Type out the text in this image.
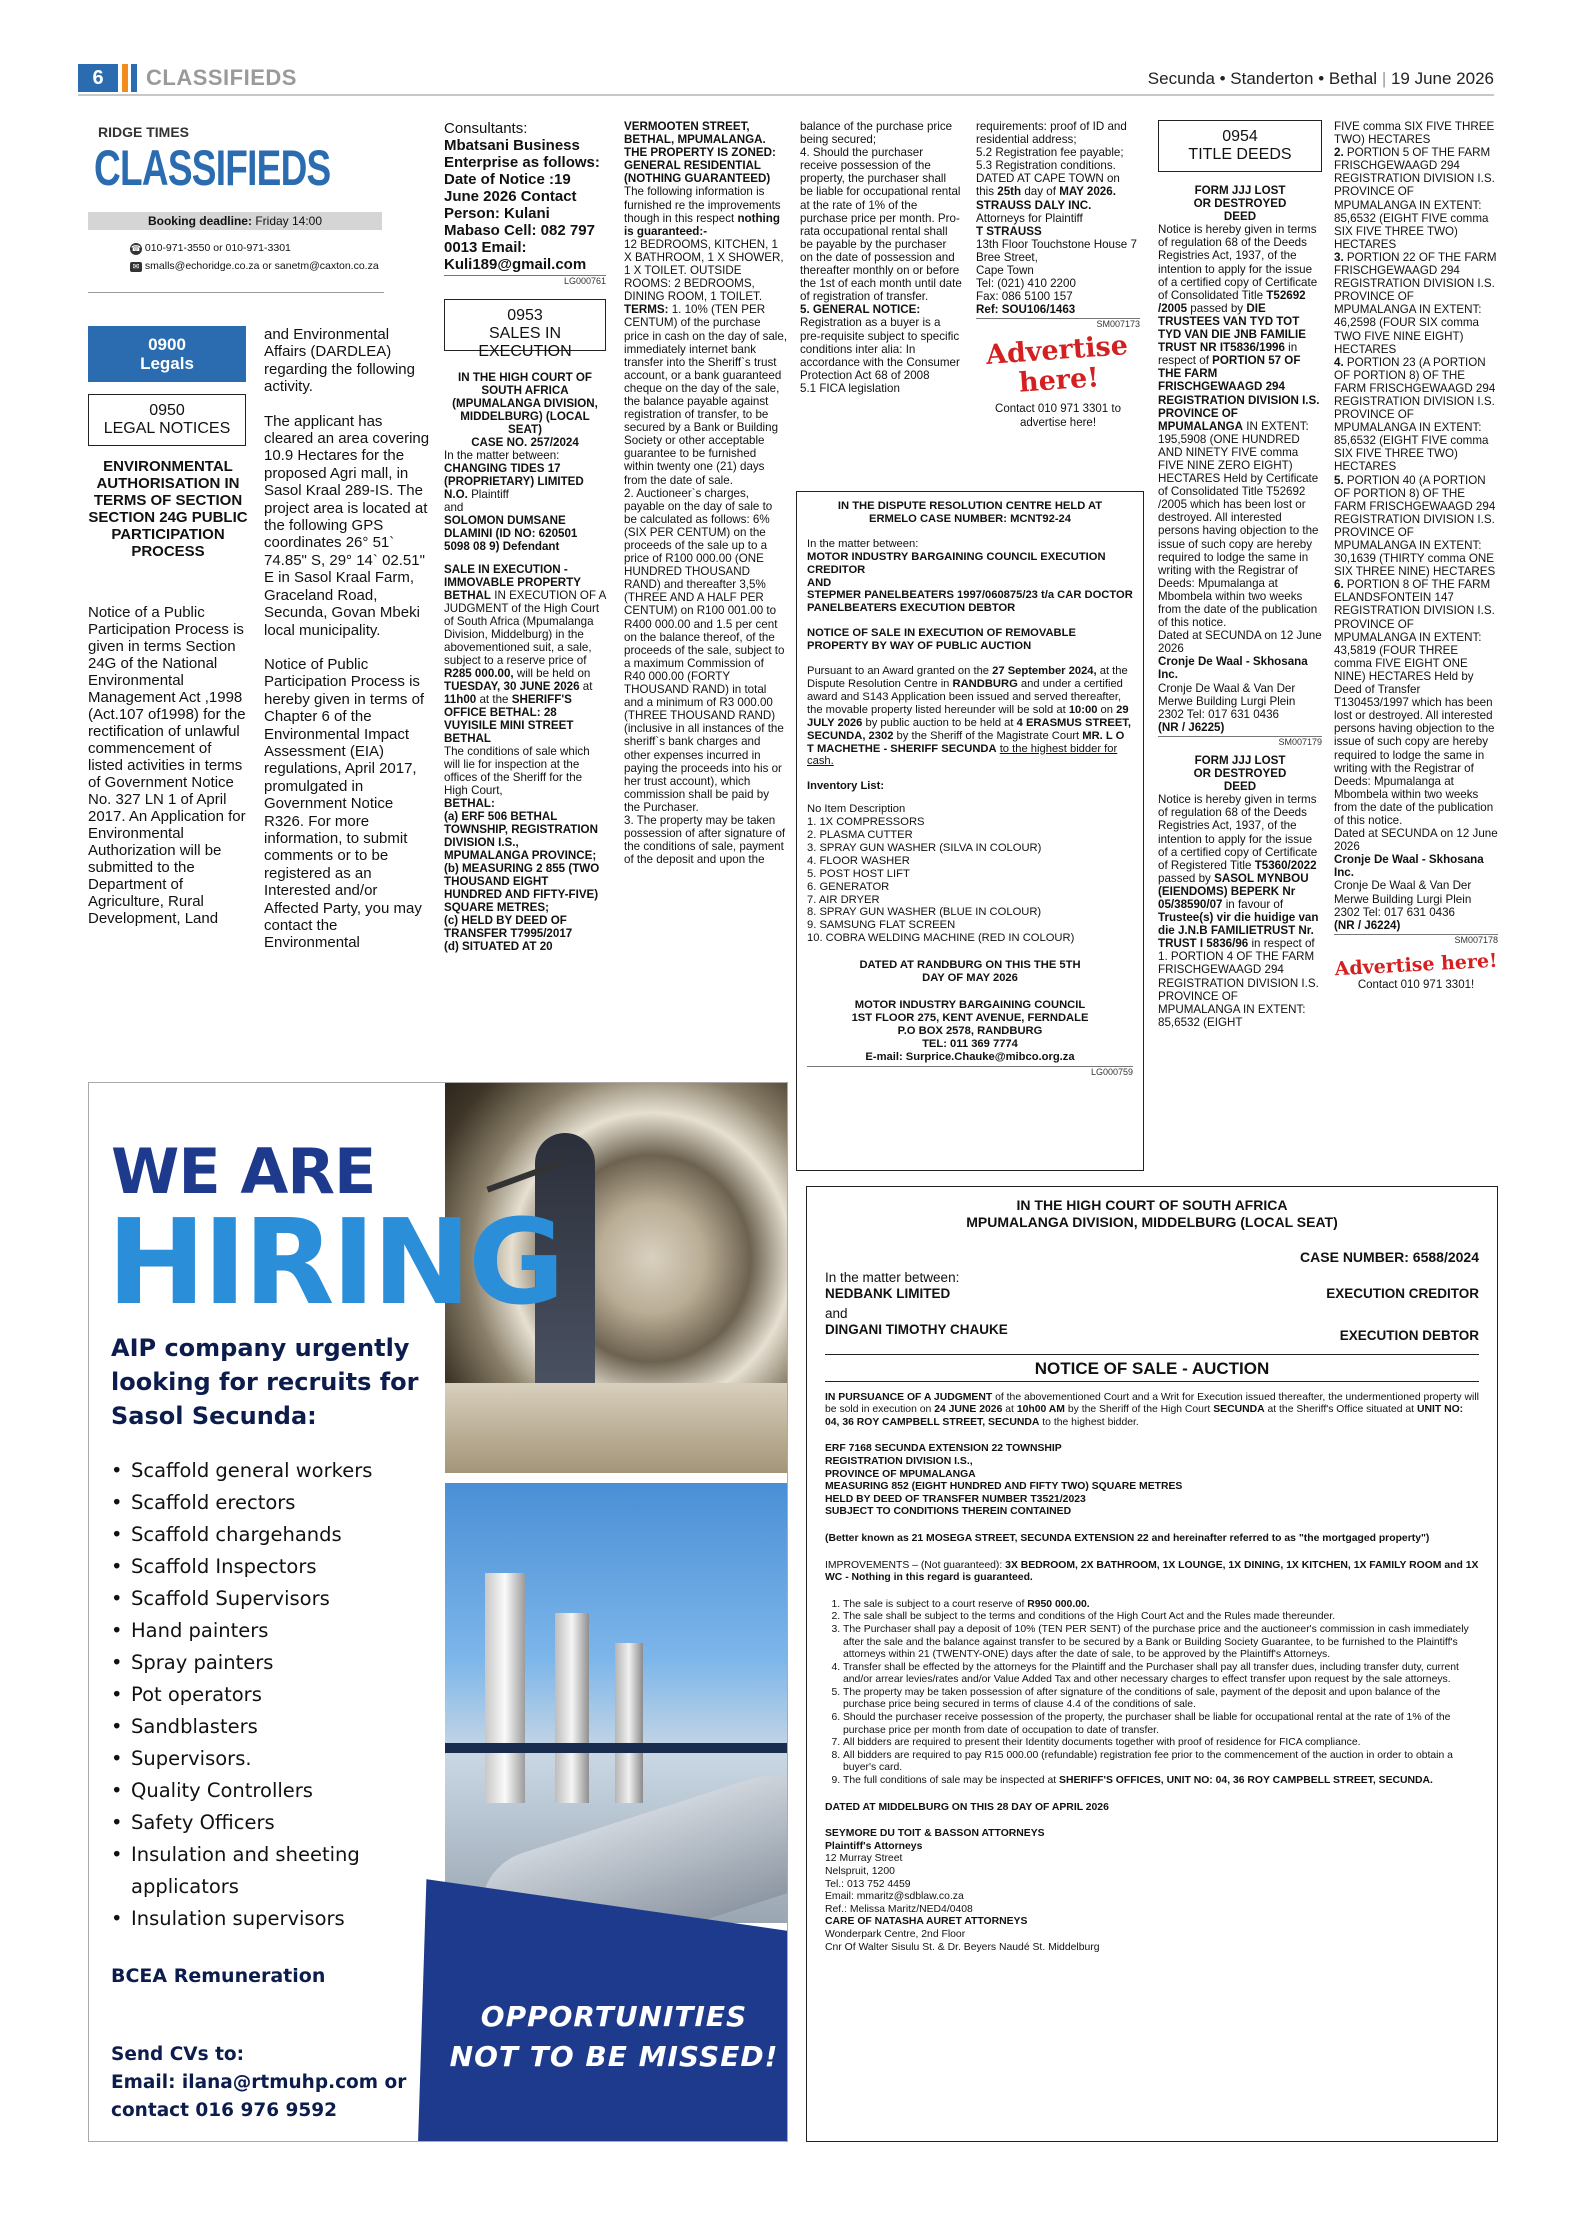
6	CLASSIFIEDS	Secunda • Standerton • Bethal | 19 June 2026
RIDGE TIMES
CLASSIFIEDS
Booking deadline: Friday 14:00
☎ 010-971-3550 or 010-971-3301
✉ smalls@echoridge.co.za or sanetm@caxton.co.za
0900
Legals
0950
LEGAL NOTICES
ENVIRONMENTAL AUTHORISATION IN TERMS OF SECTION SECTION 24G PUBLIC PARTICIPATION PROCESS
Notice of a Public Participation Process is given in terms Section 24G of the National Environmental Management Act ,1998 (Act.107 of1998) for the rectification of unlawful commencement of listed activities in terms of Government Notice No. 327 LN 1 of April 2017. An Application for Environmental Authorization will be submitted to the Department of Agriculture, Rural Development, Land

and Environmental Affairs (DARDLEA) regarding the following activity.

The applicant has cleared an area covering 10.9 Hectares for the proposed Agri mall, in Sasol Kraal 289-IS. The project area is located at the following GPS coordinates 26° 51` 74.85" S, 29° 14` 02.51" E in Sasol Kraal Farm, Graceland Road, Secunda, Govan Mbeki local municipality.

Notice of Public Participation Process is hereby given in terms of Chapter 6 of the Environmental Impact Assessment (EIA) regulations, April 2017, promulgated in Government Notice R326. For more information, to submit comments or to be registered as an Interested and/or Affected Party, you may contact the Environmental

Consultants:

Mbatsani Business Enterprise as follows: Date of Notice :19 June 2026 Contact Person: Kulani Mabaso Cell: 082 797 0013 Email: Kuli189@gmail.com

LG000761
0953
SALES IN EXECUTION

IN THE HIGH COURT OF SOUTH AFRICA (MPUMALANGA DIVISION, MIDDELBURG) (LOCAL SEAT)

CASE NO. 257/2024

In the matter between:

CHANGING TIDES 17 (PROPRIETARY) LIMITED N.O. Plaintiff

and

SOLOMON DUMSANE DLAMINI (ID NO: 620501 5098 08 9) Defendant

SALE IN EXECUTION - IMMOVABLE PROPERTY BETHAL IN EXECUTION OF A JUDGMENT of the High Court of South Africa (Mpumalanga Division, Middelburg) in the abovementioned suit, a sale, subject to a reserve price of R285 000.00, will be held on TUESDAY, 30 JUNE 2026 at 11h00 at the SHERIFF'S OFFICE BETHAL: 28 VUYISILE MINI STREET BETHAL

The conditions of sale which will lie for inspection at the offices of the Sheriff for the High Court,

BETHAL:

(a) ERF 506 BETHAL TOWNSHIP, REGISTRATION DIVISION I.S., MPUMALANGA PROVINCE;

(b) MEASURING 2 855 (TWO THOUSAND EIGHT HUNDRED AND FIFTY-FIVE) SQUARE METRES;

(c) HELD BY DEED OF TRANSFER T7995/2017

(d) SITUATED AT 20

VERMOOTEN STREET, BETHAL, MPUMALANGA. THE PROPERTY IS ZONED: GENERAL RESIDENTIAL (NOTHING GUARANTEED)

The following information is furnished re the improvements though in this respect nothing is guaranteed:-

12 BEDROOMS, KITCHEN, 1 X BATHROOM, 1 X SHOWER, 1 X TOILET. OUTSIDE ROOMS: 2 BEDROOMS, DINING ROOM, 1 TOILET.

TERMS: 1. 10% (TEN PER CENTUM) of the purchase price in cash on the day of sale, immediately internet bank transfer into the Sheriff`s trust account, or a bank guaranteed cheque on the day of the sale, the balance payable against registration of transfer, to be secured by a Bank or Building Society or other acceptable guarantee to be furnished within twenty one (21) days from the date of sale.

2. Auctioneer`s charges, payable on the day of sale to be calculated as follows: 6% (SIX PER CENTUM) on the proceeds of the sale up to a price of R100 000.00 (ONE HUNDRED THOUSAND RAND) and thereafter 3,5% (THREE AND A HALF PER CENTUM) on R100 001.00 to R400 000.00 and 1.5 per cent on the balance thereof, of the proceeds of the sale, subject to a maximum Commission of R40 000.00 (FORTY THOUSAND RAND) in total and a minimum of R3 000.00 (THREE THOUSAND RAND) (inclusive in all instances of the sheriff`s bank charges and other expenses incurred in paying the proceeds into his or her trust account), which commission shall be paid by the Purchaser.

3. The property may be taken possession of after signature of the conditions of sale, payment of the deposit and upon the

balance of the purchase price being secured;

4. Should the purchaser receive possession of the property, the purchaser shall be liable for occupational rental at the rate of 1% of the purchase price per month. Pro-rata occupational rental shall be payable by the purchaser on the date of possession and thereafter monthly on or before the 1st of each month until date of registration of transfer.

5. GENERAL NOTICE: Registration as a buyer is a pre-requisite subject to specific conditions inter alia: In accordance with the Consumer Protection Act 68 of 2008

5.1 FICA legislation

requirements: proof of ID and residential address;

5.2 Registration fee payable;

5.3 Registration conditions.

DATED AT CAPE TOWN on this 25th day of MAY 2026.

STRAUSS DALY INC.

Attorneys for Plaintiff

T STRAUSS

13th Floor Touchstone House 7 Bree Street,

Cape Town

Tel: (021) 410 2200

Fax: 086 5100 157

Ref: SOU106/1463

SM007173
Advertise here!
Contact 010 971 3301 to advertise here!

IN THE DISPUTE RESOLUTION CENTRE HELD AT ERMELO CASE NUMBER: MCNT92-24

In the matter between:

MOTOR INDUSTRY BARGAINING COUNCIL EXECUTION CREDITOR

AND

STEPMER PANELBEATERS 1997/060875/23 t/a CAR DOCTOR PANELBEATERS EXECUTION DEBTOR

NOTICE OF SALE IN EXECUTION OF REMOVABLE PROPERTY BY WAY OF PUBLIC AUCTION

Pursuant to an Award granted on the 27 September 2024, at the Dispute Resolution Centre in RANDBURG and under a certified award and S143 Application been issued and served thereafter, the movable property listed hereunder will be sold at 10:00 on 29 JULY 2026 by public auction to be held at 4 ERASMUS STREET, SECUNDA, 2302 by the Sheriff of the Magistrate Court MR. L O T MACHETHE - SHERIFF SECUNDA to the highest bidder for cash.

Inventory List:

No Item Description

1. 1X COMPRESSORS

2. PLASMA CUTTER

3. SPRAY GUN WASHER (SILVA IN COLOUR)

4. FLOOR WASHER

5. POST HOST LIFT

6. GENERATOR

7. AIR DRYER

8. SPRAY GUN WASHER (BLUE IN COLOUR)

9. SAMSUNG FLAT SCREEN

10. COBRA WELDING MACHINE (RED IN COLOUR)

DATED AT RANDBURG ON THIS THE 5TH DAY OF MAY 2026

MOTOR INDUSTRY BARGAINING COUNCIL

1ST FLOOR 275, KENT AVENUE, FERNDALE

P.O BOX 2578, RANDBURG

TEL: 011 369 7774

E-mail: Surprice.Chauke@mibco.org.za

LG000759
0954
TITLE DEEDS

FORM JJJ LOST OR DESTROYED DEED

Notice is hereby given in terms of regulation 68 of the Deeds Registries Act, 1937, of the intention to apply for the issue of a certified copy of Certificate of Consolidated Title T52692 /2005 passed by DIE TRUSTEES VAN TYD TOT TYD VAN DIE JNB FAMILIE TRUST NR IT5836/1996 in respect of PORTION 57 OF THE FARM FRISCHGEWAAGD 294 REGISTRATION DIVISION I.S. PROVINCE OF MPUMALANGA IN EXTENT: 195,5908 (ONE HUNDRED AND NINETY FIVE comma FIVE NINE ZERO EIGHT) HECTARES Held by Certificate of Consolidated Title T52692 /2005 which has been lost or destroyed. All interested persons having objection to the issue of such copy are hereby required to lodge the same in writing with the Registrar of Deeds: Mpumalanga at Mbombela within two weeks from the date of the publication of this notice.

Dated at SECUNDA on 12 June 2026

Cronje De Waal - Skhosana Inc.

Cronje De Waal & Van Der Merwe Building Lurgi Plein 2302 Tel: 017 631 0436

(NR / J6225)

SM007179

FORM JJJ LOST OR DESTROYED DEED

Notice is hereby given in terms of regulation 68 of the Deeds Registries Act, 1937, of the intention to apply for the issue of a certified copy of Certificate of Registered Title T5360/2022 passed by SASOL MYNBOU (EIENDOMS) BEPERK Nr 05/38590/07 in favour of Trustee(s) vir die huidige van die J.N.B FAMILIETRUST Nr. TRUST I 5836/96 in respect of 1. PORTION 4 OF THE FARM FRISCHGEWAAGD 294 REGISTRATION DIVISION I.S. PROVINCE OF MPUMALANGA IN EXTENT: 85,6532 (EIGHT

FIVE comma SIX FIVE THREE TWO) HECTARES

2. PORTION 5 OF THE FARM FRISCHGEWAAGD 294 REGISTRATION DIVISION I.S. PROVINCE OF MPUMALANGA IN EXTENT: 85,6532 (EIGHT FIVE comma SIX FIVE THREE TWO) HECTARES

3. PORTION 22 OF THE FARM FRISCHGEWAAGD 294 REGISTRATION DIVISION I.S. PROVINCE OF MPUMALANGA IN EXTENT: 46,2598 (FOUR SIX comma TWO FIVE NINE EIGHT) HECTARES

4. PORTION 23 (A PORTION OF PORTION 8) OF THE FARM FRISCHGEWAAGD 294 REGISTRATION DIVISION I.S. PROVINCE OF MPUMALANGA IN EXTENT: 85,6532 (EIGHT FIVE comma SIX FIVE THREE TWO) HECTARES

5. PORTION 40 (A PORTION OF PORTION 8) OF THE FARM FRISCHGEWAAGD 294 REGISTRATION DIVISION I.S. PROVINCE OF MPUMALANGA IN EXTENT: 30,1639 (THIRTY comma ONE SIX THREE NINE) HECTARES

6. PORTION 8 OF THE FARM ELANDSFONTEIN 147 REGISTRATION DIVISION I.S. PROVINCE OF MPUMALANGA IN EXTENT: 43,5819 (FOUR THREE comma FIVE EIGHT ONE NINE) HECTARES Held by Deed of Transfer T130453/1997 which has been lost or destroyed. All interested persons having objection to the issue of such copy are hereby required to lodge the same in writing with the Registrar of Deeds: Mpumalanga at Mbombela within two weeks from the date of the publication of this notice.

Dated at SECUNDA on 12 June 2026

Cronje De Waal - Skhosana Inc.

Cronje De Waal & Van Der Merwe Building Lurgi Plein 2302 Tel: 017 631 0436

(NR / J6224)

SM007178
Advertise here!
Contact 010 971 3301!
WE ARE
HIRING
AIP company urgently looking for recruits for Sasol Secunda:
• Scaffold general workers
• Scaffold erectors
• Scaffold chargehands
• Scaffold Inspectors
• Scaffold Supervisors
• Hand painters
• Spray painters
• Pot operators
• Sandblasters
• Supervisors.
• Quality Controllers
• Safety Officers
• Insulation and sheeting applicators
• Insulation supervisors
BCEA Remuneration
Send CVs to:
Email: ilana@rtmuhp.com or
contact 016 976 9592
OPPORTUNITIES
NOT TO BE MISSED!
IN THE HIGH COURT OF SOUTH AFRICA
MPUMALANGA DIVISION, MIDDELBURG (LOCAL SEAT)
CASE NUMBER: 6588/2024
In the matter between:
NEDBANK LIMITED	EXECUTION CREDITOR
and
DINGANI TIMOTHY CHAUKE	EXECUTION DEBTOR
NOTICE OF SALE - AUCTION

IN PURSUANCE OF A JUDGMENT of the abovementioned Court and a Writ for Execution issued thereafter, the undermentioned property will be sold in execution on 24 JUNE 2026 at 10h00 AM by the Sheriff of the High Court SECUNDA at the Sheriff's Office situated at UNIT NO: 04, 36 ROY CAMPBELL STREET, SECUNDA to the highest bidder.

ERF 7168 SECUNDA EXTENSION 22 TOWNSHIP
REGISTRATION DIVISION I.S.,
PROVINCE OF MPUMALANGA
MEASURING 852 (EIGHT HUNDRED AND FIFTY TWO) SQUARE METRES
HELD BY DEED OF TRANSFER NUMBER T3521/2023
SUBJECT TO CONDITIONS THEREIN CONTAINED

(Better known as 21 MOSEGA STREET, SECUNDA EXTENSION 22 and hereinafter referred to as "the mortgaged property")

IMPROVEMENTS – (Not guaranteed): 3X BEDROOM, 2X BATHROOM, 1X LOUNGE, 1X DINING, 1X KITCHEN, 1X FAMILY ROOM and 1X WC - Nothing in this regard is guaranteed.

1. The sale is subject to a court reserve of R950 000.00.
2. The sale shall be subject to the terms and conditions of the High Court Act and the Rules made thereunder.
3. The Purchaser shall pay a deposit of 10% (TEN PER SENT) of the purchase price and the auctioneer's commission in cash immediately after the sale and the balance against transfer to be secured by a Bank or Building Society Guarantee, to be furnished to the Plaintiff's attorneys within 21 (TWENTY-ONE) days after the date of sale, to be approved by the Plaintiff's Attorneys.
4. Transfer shall be effected by the attorneys for the Plaintiff and the Purchaser shall pay all transfer dues, including transfer duty, current and/or arrear levies/rates and/or Value Added Tax and other necessary charges to effect transfer upon request by the sale attorneys.
5. The property may be taken possession of after signature of the conditions of sale, payment of the deposit and upon balance of the purchase price being secured in terms of clause 4.4 of the conditions of sale.
6. Should the purchaser receive possession of the property, the purchaser shall be liable for occupational rental at the rate of 1% of the purchase price per month from date of occupation to date of transfer.
7. All bidders are required to present their Identity documents together with proof of residence for FICA compliance.
8. All bidders are required to pay R15 000.00 (refundable) registration fee prior to the commencement of the auction in order to obtain a buyer's card.
9. The full conditions of sale may be inspected at SHERIFF'S OFFICES, UNIT NO: 04, 36 ROY CAMPBELL STREET, SECUNDA.

DATED AT MIDDELBURG ON THIS 28 DAY OF APRIL 2026

SEYMORE DU TOIT & BASSON ATTORNEYS
Plaintiff's Attorneys
12 Murray Street
Nelspruit, 1200
Tel.: 013 752 4459
Email: mmaritz@sdblaw.co.za
Ref.: Melissa Maritz/NED4/0408
CARE OF NATASHA AURET ATTORNEYS
Wonderpark Centre, 2nd Floor
Cnr Of Walter Sisulu St. & Dr. Beyers Naudé St. Middelburg
